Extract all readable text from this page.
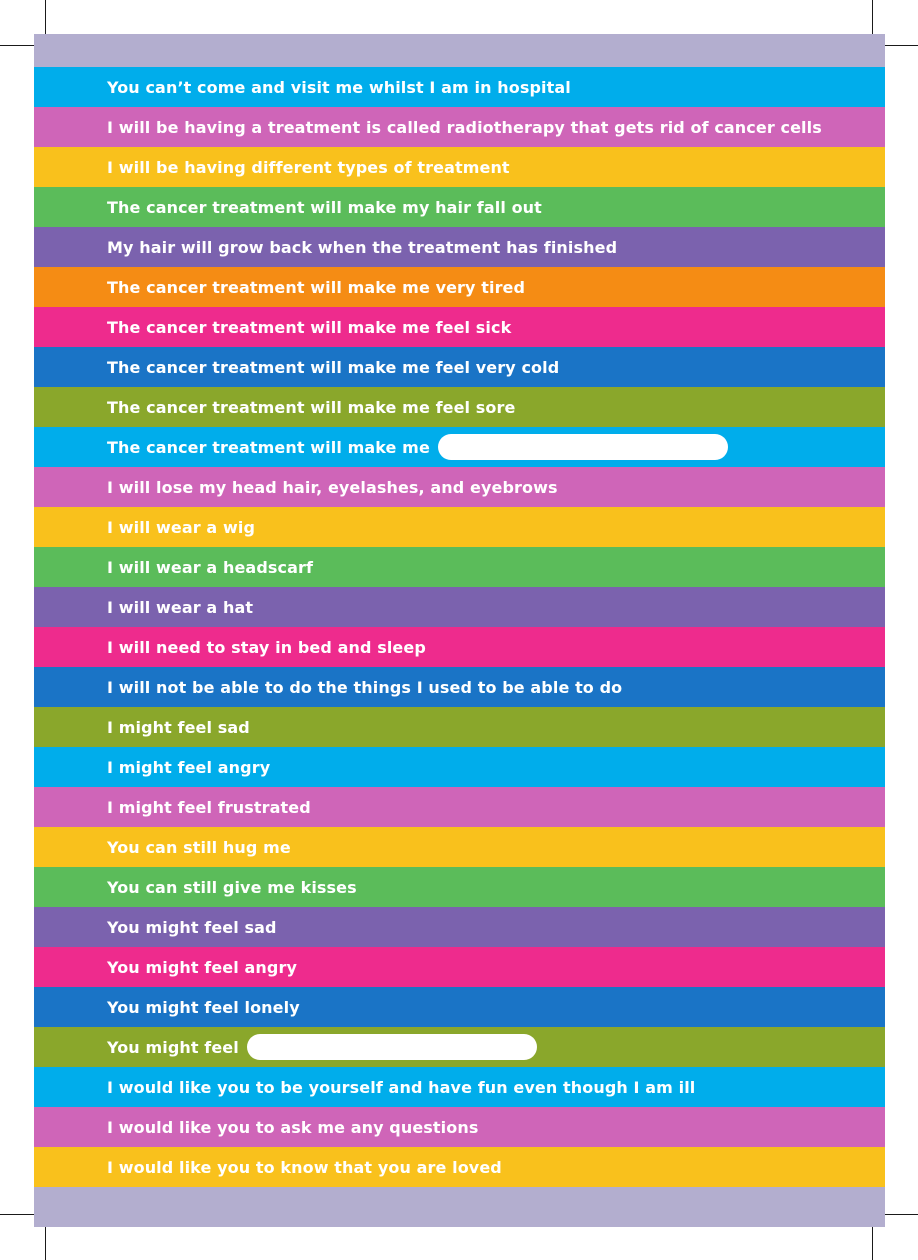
You can’t come and visit me whilst I am in hospital
I will be having a treatment is called radiotherapy that gets rid of cancer cells
I will be having different types of treatment
The cancer treatment will make my hair fall out
My hair will grow back when the treatment has finished
The cancer treatment will make me very tired
The cancer treatment will make me feel sick
The cancer treatment will make me feel very cold
The cancer treatment will make me feel sore
The cancer treatment will make me
I will lose my head hair, eyelashes, and eyebrows
I will wear a wig
I will wear a headscarf
I will wear a hat
I will need to stay in bed and sleep
I will not be able to do the things I used to be able to do
I might feel sad
I might feel angry
I might feel frustrated
You can still hug me
You can still give me kisses
You might feel sad
You might feel angry
You might feel lonely
You might feel
I would like you to be yourself and have fun even though I am ill
I would like you to ask me any questions
I would like you to know that you are loved
